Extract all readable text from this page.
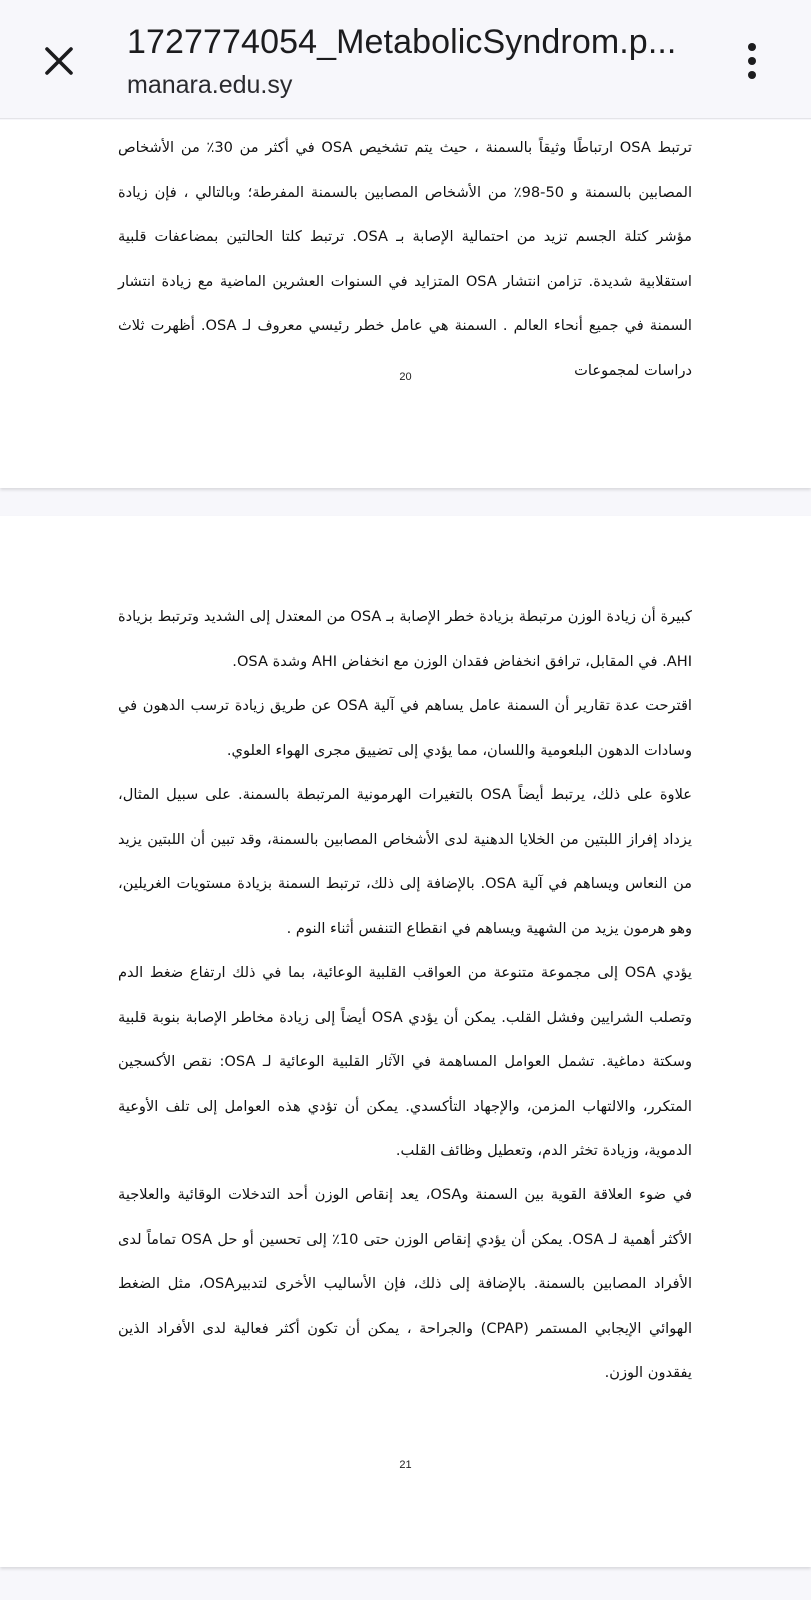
1727774054_MetabolicSyndrom.p...
manara.edu.sy

ترتبط OSA ارتباطًا وثيقاً بالسمنة ، حيث يتم تشخيص OSA في أكثر من 30٪ من الأشخاص المصابين بالسمنة و 50-98٪ من الأشخاص المصابين بالسمنة المفرطة؛ وبالتالي ، فإن زيادة مؤشر كتلة الجسم تزيد من احتمالية الإصابة بـ OSA. ترتبط كلتا الحالتين بمضاعفات قلبية استقلابية شديدة. تزامن انتشار OSA المتزايد في السنوات العشرين الماضية مع زيادة انتشار السمنة في جميع أنحاء العالم . السمنة هي عامل خطر رئيسي معروف لـ OSA. أظهرت ثلاث دراسات لمجموعات

20

كبيرة أن زيادة الوزن مرتبطة بزيادة خطر الإصابة بـ OSA من المعتدل إلى الشديد وترتبط بزيادة AHI. في المقابل، ترافق انخفاض فقدان الوزن مع انخفاض AHI وشدة OSA.

اقترحت عدة تقارير أن السمنة عامل يساهم في آلية OSA عن طريق زيادة ترسب الدهون في وسادات الدهون البلعومية واللسان، مما يؤدي إلى تضييق مجرى الهواء العلوي.

علاوة على ذلك، يرتبط أيضاً OSA بالتغيرات الهرمونية المرتبطة بالسمنة. على سبيل المثال، يزداد إفراز اللبتين من الخلايا الدهنية لدى الأشخاص المصابين بالسمنة، وقد تبين أن اللبتين يزيد من النعاس ويساهم في آلية OSA. بالإضافة إلى ذلك، ترتبط السمنة بزيادة مستويات الغريلين، وهو هرمون يزيد من الشهية ويساهم في انقطاع التنفس أثناء النوم .

يؤدي OSA إلى مجموعة متنوعة من العواقب القلبية الوعائية، بما في ذلك ارتفاع ضغط الدم وتصلب الشرايين وفشل القلب. يمكن أن يؤدي OSA أيضاً إلى زيادة مخاطر الإصابة بنوبة قلبية وسكتة دماغية. تشمل العوامل المساهمة في الآثار القلبية الوعائية لـ OSA: نقص الأكسجين المتكرر، والالتهاب المزمن، والإجهاد التأكسدي. يمكن أن تؤدي هذه العوامل إلى تلف الأوعية الدموية، وزيادة تخثر الدم، وتعطيل وظائف القلب.

في ضوء العلاقة القوية بين السمنة وOSA، يعد إنقاص الوزن أحد التدخلات الوقائية والعلاجية الأكثر أهمية لـ OSA. يمكن أن يؤدي إنقاص الوزن حتى 10٪ إلى تحسين أو حل OSA تماماً لدى الأفراد المصابين بالسمنة. بالإضافة إلى ذلك، فإن الأساليب الأخرى لتدبيرOSA، مثل الضغط الهوائي الإيجابي المستمر (CPAP) والجراحة ، يمكن أن تكون أكثر فعالية لدى الأفراد الذين يفقدون الوزن.

21
